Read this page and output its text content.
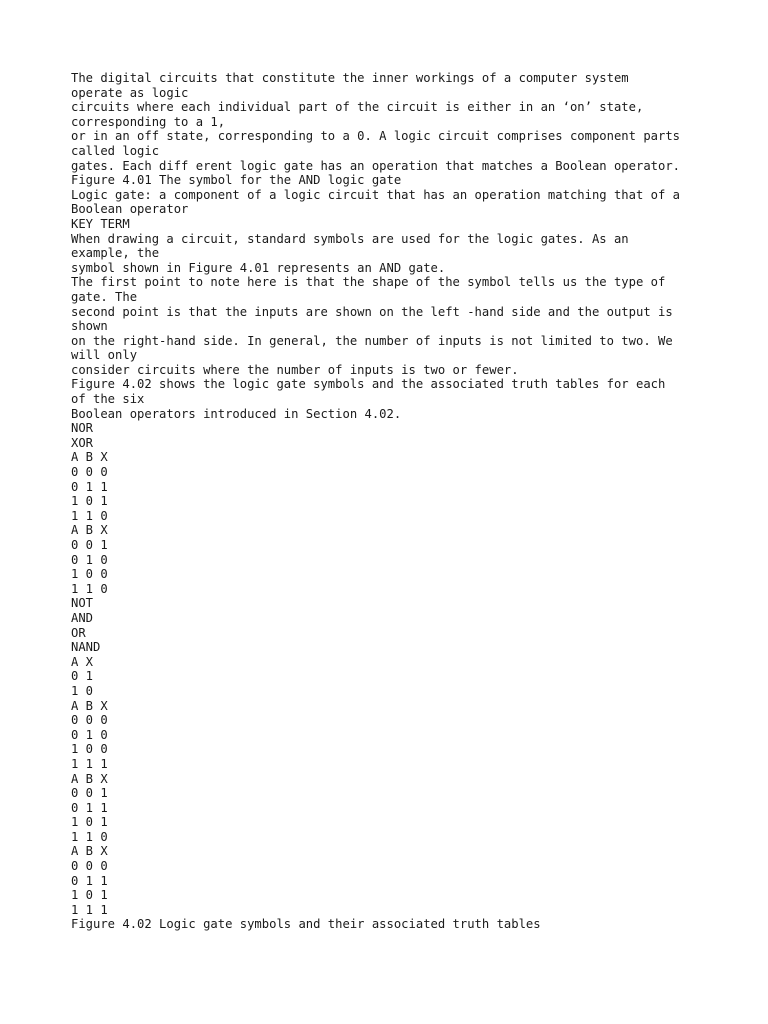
The digital circuits that constitute the inner workings of a computer system
operate as logic
circuits where each individual part of the circuit is either in an ‘on’ state,
corresponding to a 1,
or in an off state, corresponding to a 0. A logic circuit comprises component parts
called logic
gates. Each diff erent logic gate has an operation that matches a Boolean operator.
Figure 4.01 The symbol for the AND logic gate
Logic gate: a component of a logic circuit that has an operation matching that of a
Boolean operator
KEY TERM
When drawing a circuit, standard symbols are used for the logic gates. As an
example, the
symbol shown in Figure 4.01 represents an AND gate.
The first point to note here is that the shape of the symbol tells us the type of
gate. The
second point is that the inputs are shown on the left -hand side and the output is
shown
on the right-hand side. In general, the number of inputs is not limited to two. We
will only
consider circuits where the number of inputs is two or fewer.
Figure 4.02 shows the logic gate symbols and the associated truth tables for each
of the six
Boolean operators introduced in Section 4.02.
NOR
XOR
A B X
0 0 0
0 1 1
1 0 1
1 1 0
A B X
0 0 1
0 1 0
1 0 0
1 1 0
NOT
AND
OR
NAND
A X
0 1
1 0
A B X
0 0 0
0 1 0
1 0 0
1 1 1
A B X
0 0 1
0 1 1
1 0 1
1 1 0
A B X
0 0 0
0 1 1
1 0 1
1 1 1
Figure 4.02 Logic gate symbols and their associated truth tables
